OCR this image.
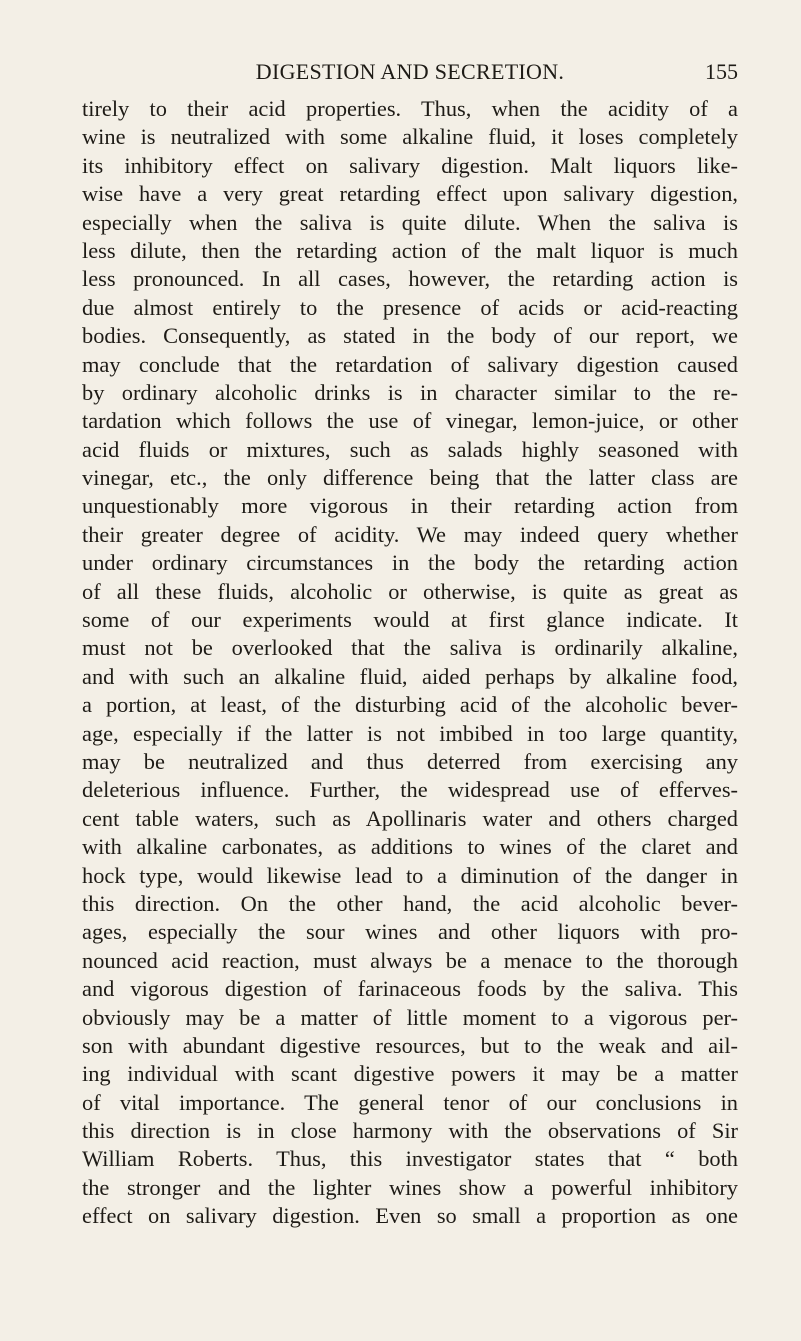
DIGESTION AND SECRETION.	155
tirely to their acid properties. Thus, when the acidity of a
wine is neutralized with some alkaline fluid, it loses completely
its inhibitory effect on salivary digestion. Malt liquors like-
wise have a very great retarding effect upon salivary digestion,
especially when the saliva is quite dilute. When the saliva is
less dilute, then the retarding action of the malt liquor is much
less pronounced. In all cases, however, the retarding action is
due almost entirely to the presence of acids or acid-reacting
bodies. Consequently, as stated in the body of our report, we
may conclude that the retardation of salivary digestion caused
by ordinary alcoholic drinks is in character similar to the re-
tardation which follows the use of vinegar, lemon-juice, or other
acid fluids or mixtures, such as salads highly seasoned with
vinegar, etc., the only difference being that the latter class are
unquestionably more vigorous in their retarding action from
their greater degree of acidity. We may indeed query whether
under ordinary circumstances in the body the retarding action
of all these fluids, alcoholic or otherwise, is quite as great as
some of our experiments would at first glance indicate. It
must not be overlooked that the saliva is ordinarily alkaline,
and with such an alkaline fluid, aided perhaps by alkaline food,
a portion, at least, of the disturbing acid of the alcoholic bever-
age, especially if the latter is not imbibed in too large quantity,
may be neutralized and thus deterred from exercising any
deleterious influence. Further, the widespread use of efferves-
cent table waters, such as Apollinaris water and others charged
with alkaline carbonates, as additions to wines of the claret and
hock type, would likewise lead to a diminution of the danger in
this direction. On the other hand, the acid alcoholic bever-
ages, especially the sour wines and other liquors with pro-
nounced acid reaction, must always be a menace to the thorough
and vigorous digestion of farinaceous foods by the saliva. This
obviously may be a matter of little moment to a vigorous per-
son with abundant digestive resources, but to the weak and ail-
ing individual with scant digestive powers it may be a matter
of vital importance. The general tenor of our conclusions in
this direction is in close harmony with the observations of Sir
William Roberts. Thus, this investigator states that “ both
the stronger and the lighter wines show a powerful inhibitory
effect on salivary digestion. Even so small a proportion as one
